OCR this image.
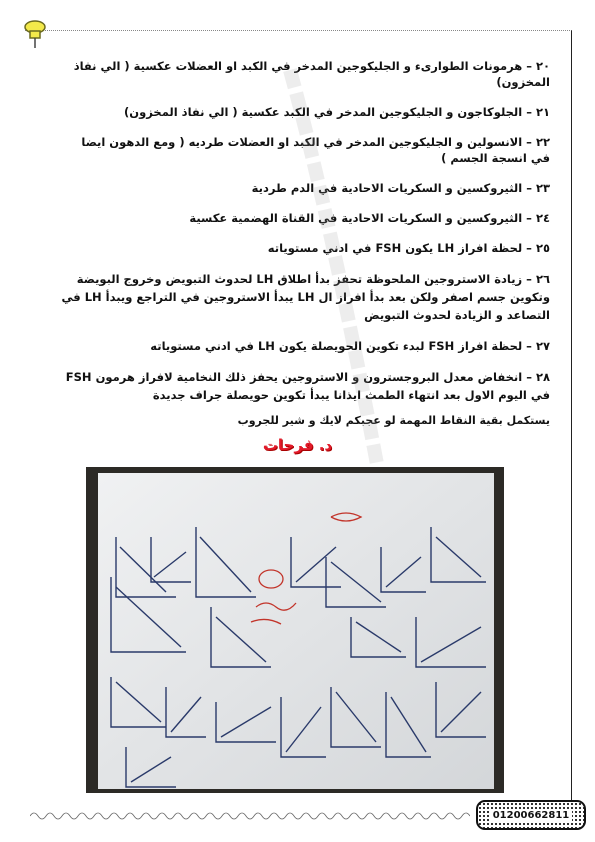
٢٠ – هرمونات الطوارىء و الجليكوجين المدخر في الكبد او العضلات عكسية ( الي نفاذ المخزون)
٢١ – الجلوكاجون و الجليكوجين المدخر في الكبد عكسية ( الي نفاذ المخزون)
٢٢ – الانسولين و الجليكوجين المدخر في الكبد او العضلات طرديه ( ومع الدهون ايضا في انسجة الجسم )
٢٣ – الثيروكسين و السكريات الاحادية في الدم طردية
٢٤ – الثيروكسين و السكريات الاحادية في القناة الهضمية عكسية
٢٥ – لحظة افراز LH يكون FSH في ادني مستوياته
٢٦ – زيادة الاستروجين الملحوظة تحفز بدأ اطلاق LH لحدوث التبويض وخروج البويضة وتكوين جسم اصفر ولكن بعد بدأ افراز ال LH يبدأ الاستروجين في التراجع ويبدأ LH في التصاعد و الزيادة لحدوث التبويض
٢٧ – لحظة افراز FSH لبدء تكوين الحويصلة يكون LH في ادني مستوياته
٢٨ – انخفاض معدل البروجسترون و الاستروجين يحفز ذلك النخامية لافراز هرمون FSH في اليوم الاول بعد انتهاء الطمث ايذانا يبدأ تكوين حويصلة جراف جديدة
يستكمل بقية النقاط المهمة لو عجبكم لايك و شير للجروب
د. فرحات
01200662811
